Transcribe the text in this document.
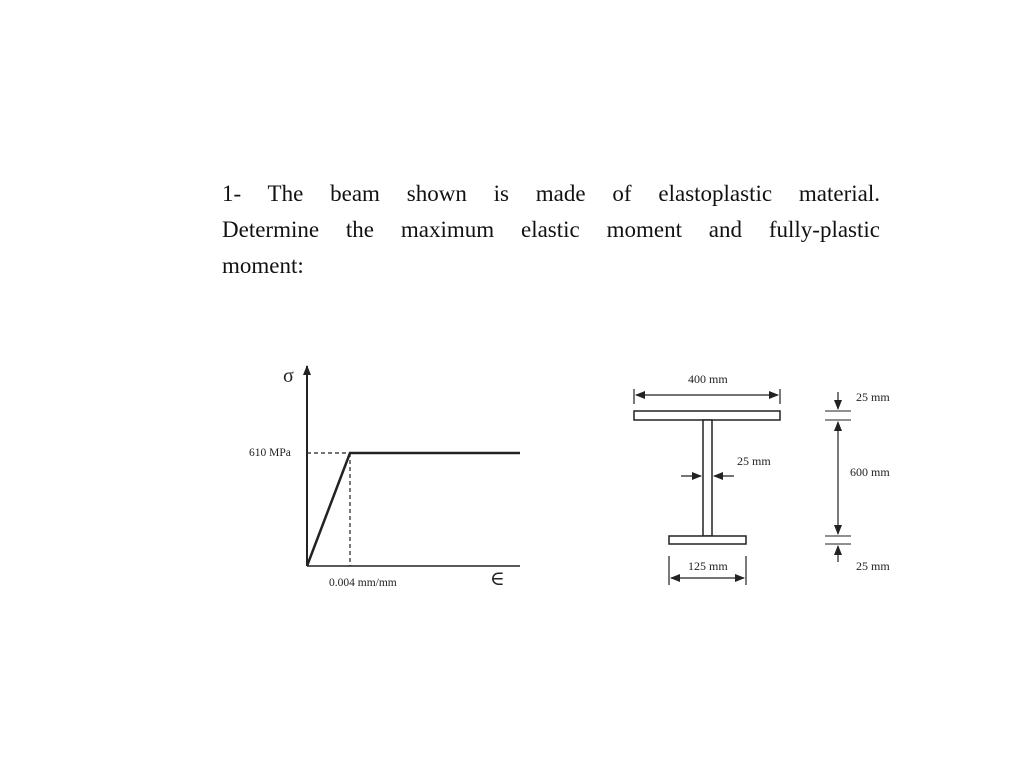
1- The beam shown is made of elastoplastic material.
Determine the maximum elastic moment and fully-plastic
moment:
σ
∈
610 MPa
0.004 mm/mm
400 mm
25 mm
125 mm
25 mm
600 mm
25 mm
